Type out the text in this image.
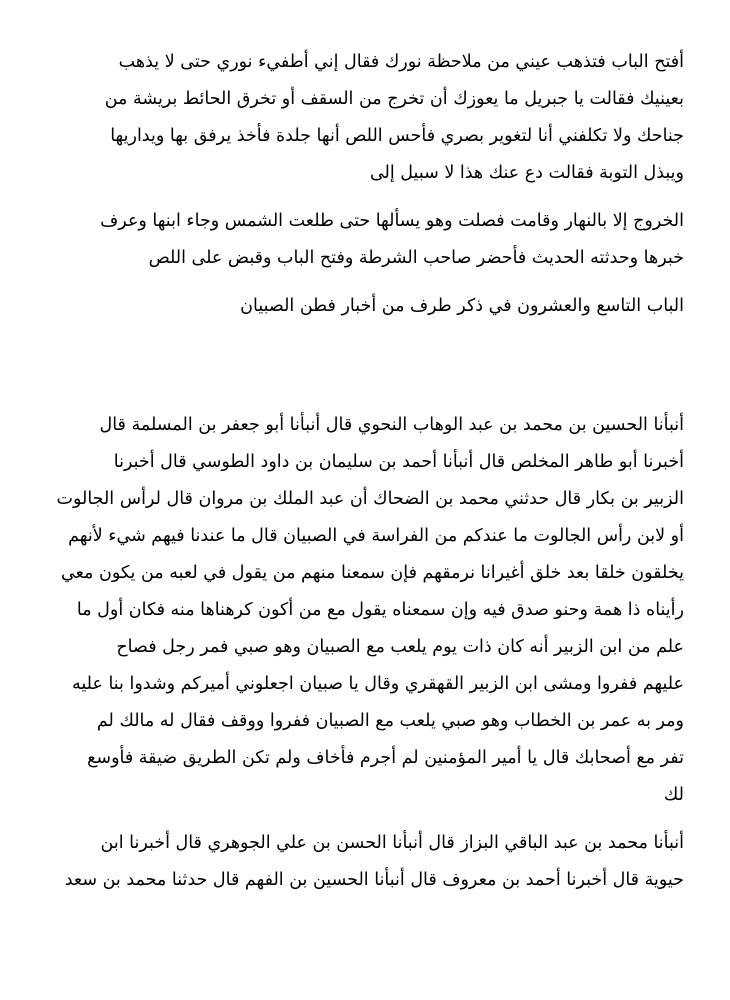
أفتح الباب فتذهب عيني من ملاحظة نورك فقال إني أطفيء نوري حتى لا يذهب
بعينيك فقالت يا جبريل ما يعوزك أن تخرج من السقف أو تخرق الحائط بريشة من
جناحك ولا تكلفني أنا لتغوير بصري فأحس اللص أنها جلدة فأخذ يرفق بها ويداريها
ويبذل التوبة فقالت دع عنك هذا لا سبيل إلى

الخروج إلا بالنهار وقامت فصلت وهو يسألها حتى طلعت الشمس وجاء ابنها وعرف
خبرها وحدثته الحديث فأحضر صاحب الشرطة وفتح الباب وقبض على اللص

الباب التاسع والعشرون في ذكر طرف من أخبار فطن الصبيان

أنبأنا الحسين بن محمد بن عبد الوهاب النحوي قال أنبأنا أبو جعفر بن المسلمة قال
أخبرنا أبو طاهر المخلص قال أنبأنا أحمد بن سليمان بن داود الطوسي قال أخبرنا
الزبير بن بكار قال حدثني محمد بن الضحاك أن عبد الملك بن مروان قال لرأس الجالوت
أو لابن رأس الجالوت ما عندكم من الفراسة في الصبيان قال ما عندنا فيهم شيء لأنهم
يخلقون خلقا بعد خلق أغيرانا نرمقهم فإن سمعنا منهم من يقول في لعبه من يكون معي
رأيناه ذا همة وحنو صدق فيه وإن سمعناه يقول مع من أكون كرهناها منه فكان أول ما
علم من ابن الزبير أنه كان ذات يوم يلعب مع الصبيان وهو صبي فمر رجل فصاح
عليهم ففروا ومشى ابن الزبير القهقري وقال يا صبيان اجعلوني أميركم وشدوا بنا عليه
ومر به عمر بن الخطاب وهو صبي يلعب مع الصبيان ففروا ووقف فقال له مالك لم
تفر مع أصحابك قال يا أمير المؤمنين لم أجرم فأخاف ولم تكن الطريق ضيقة فأوسع
لك

أنبأنا محمد بن عبد الباقي البزاز قال أنبأنا الحسن بن علي الجوهري قال أخبرنا ابن
حيوية قال أخبرنا أحمد بن معروف قال أنبأنا الحسين بن الفهم قال حدثنا محمد بن سعد
